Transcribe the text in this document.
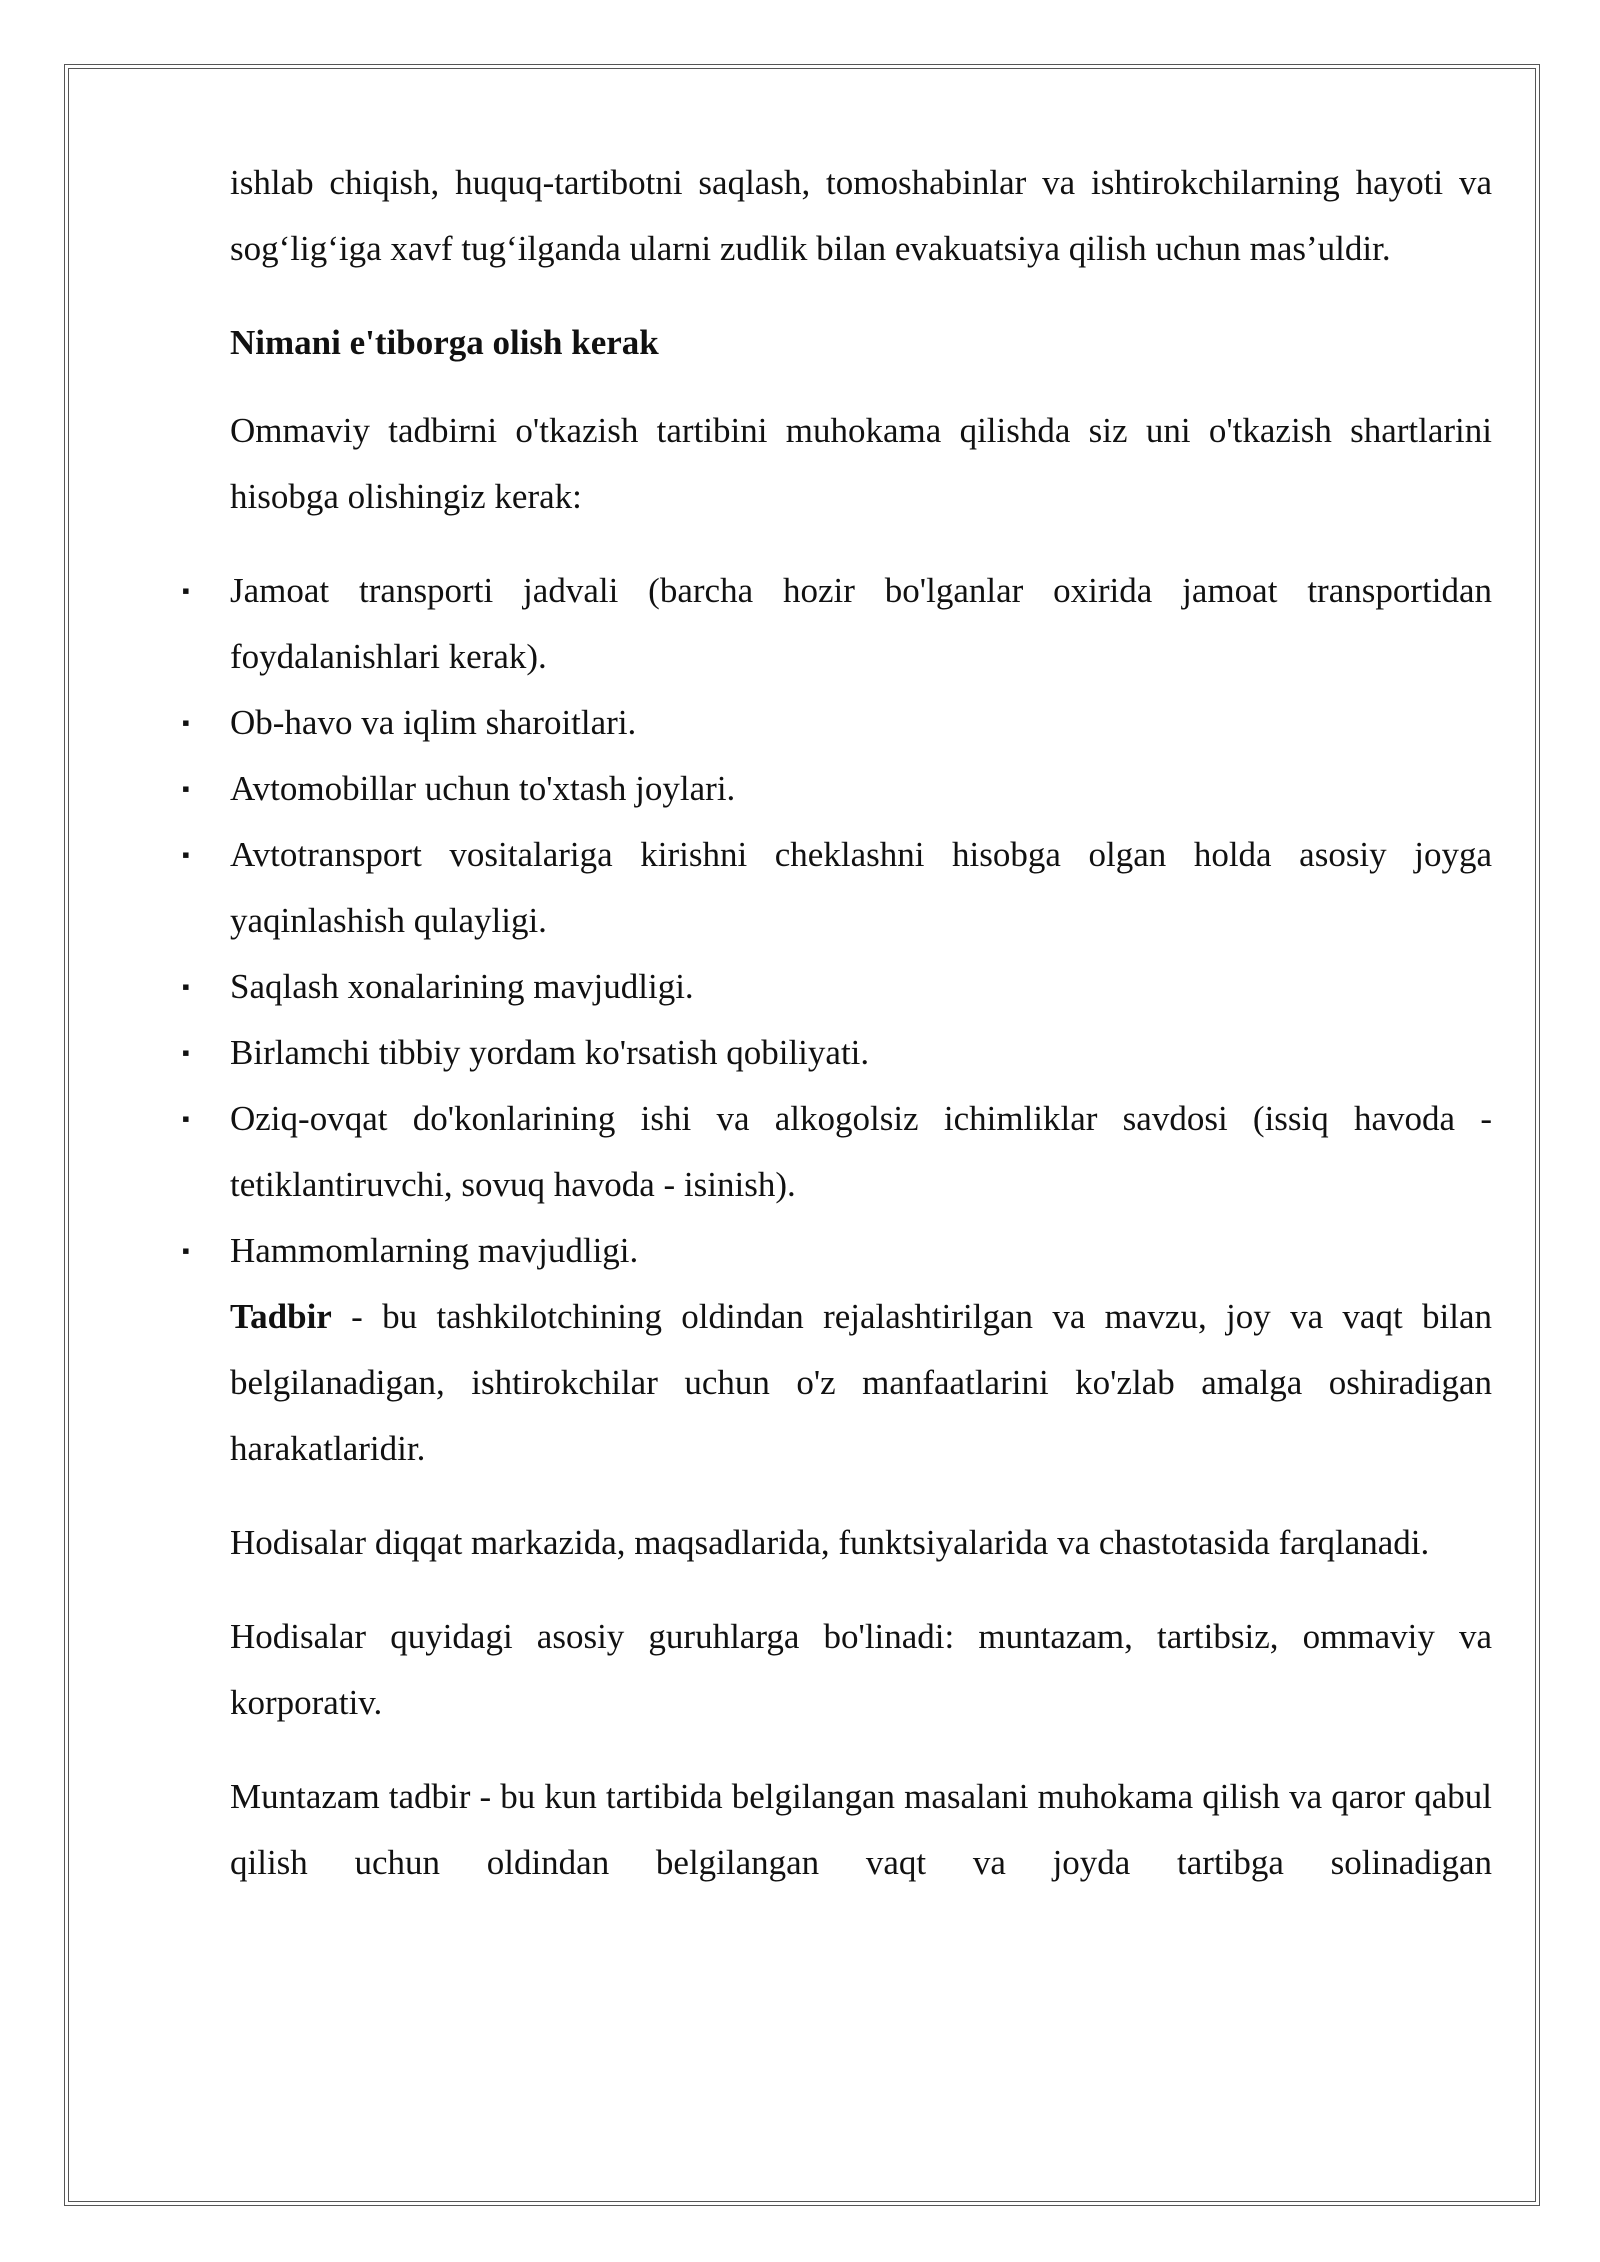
ishlab chiqish, huquq-tartibotni saqlash, tomoshabinlar va ishtirokchilarning hayoti va sog‘lig‘iga xavf tug‘ilganda ularni zudlik bilan evakuatsiya qilish uchun mas’uldir.

Nimani e'tiborga olish kerak

Ommaviy tadbirni o'tkazish tartibini muhokama qilishda siz uni o'tkazish shartlarini hisobga olishingiz kerak:

▪ Jamoat transporti jadvali (barcha hozir bo'lganlar oxirida jamoat transportidan foydalanishlari kerak).
▪ Ob-havo va iqlim sharoitlari.
▪ Avtomobillar uchun to'xtash joylari.
▪ Avtotransport vositalariga kirishni cheklashni hisobga olgan holda asosiy joyga yaqinlashish qulayligi.
▪ Saqlash xonalarining mavjudligi.
▪ Birlamchi tibbiy yordam ko'rsatish qobiliyati.
▪ Oziq-ovqat do'konlarining ishi va alkogolsiz ichimliklar savdosi (issiq havoda - tetiklantiruvchi, sovuq havoda - isinish).
▪ Hammomlarning mavjudligi.

Tadbir - bu tashkilotchining oldindan rejalashtirilgan va mavzu, joy va vaqt bilan belgilanadigan, ishtirokchilar uchun o'z manfaatlarini ko'zlab amalga oshiradigan harakatlaridir.

Hodisalar diqqat markazida, maqsadlarida, funktsiyalarida va chastotasida farqlanadi.

Hodisalar quyidagi asosiy guruhlarga bo'linadi: muntazam, tartibsiz, ommaviy va korporativ.

Muntazam tadbir - bu kun tartibida belgilangan masalani muhokama qilish va qaror qabul qilish uchun oldindan belgilangan vaqt va joyda tartibga solinadigan
